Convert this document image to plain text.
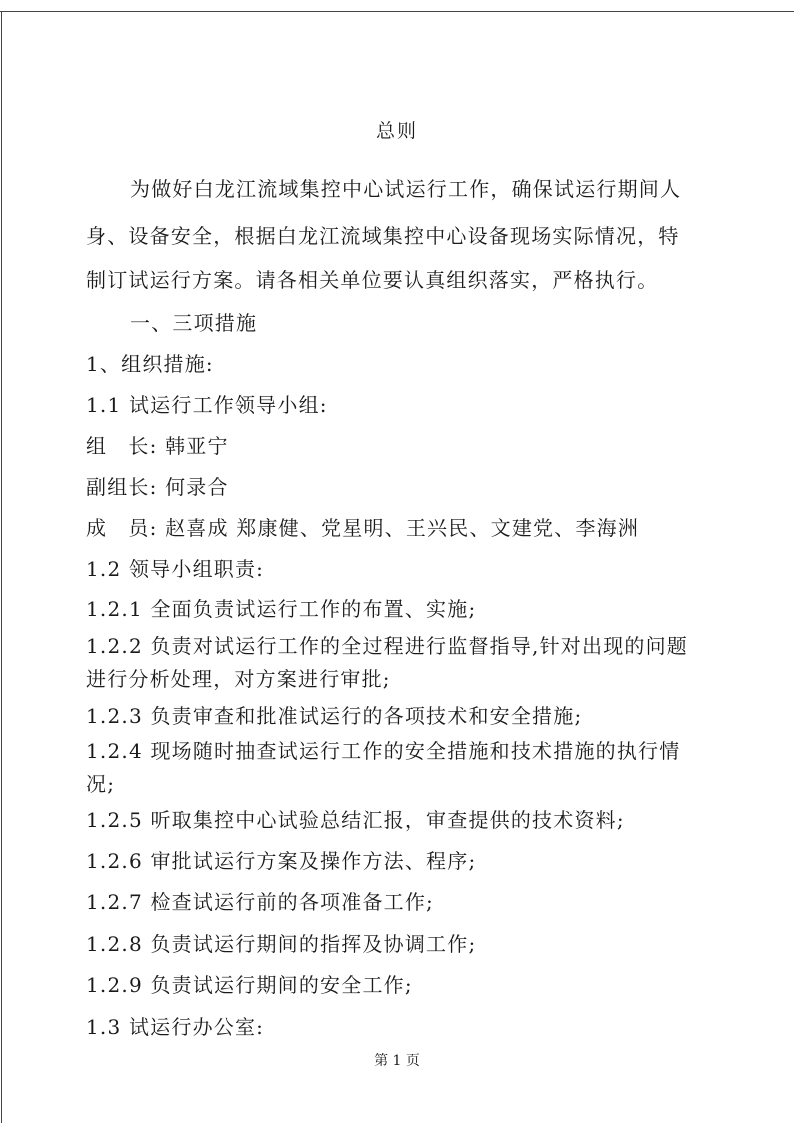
总则
为做好白龙江流域集控中心试运行工作，确保试运行期间人
身、设备安全，根据白龙江流域集控中心设备现场实际情况，特
制订试运行方案。请各相关单位要认真组织落实，严格执行。
一、三项措施
1、组织措施:
1.1 试运行工作领导小组:
组　长: 韩亚宁
副组长: 何录合
成　员: 赵喜成 郑康健、党星明、王兴民、文建党、李海洲
1.2 领导小组职责:
1.2.1 全面负责试运行工作的布置、实施;
1.2.2 负责对试运行工作的全过程进行监督指导,针对出现的问题
进行分析处理，对方案进行审批;
1.2.3 负责审查和批准试运行的各项技术和安全措施;
1.2.4 现场随时抽查试运行工作的安全措施和技术措施的执行情
况;
1.2.5 听取集控中心试验总结汇报，审查提供的技术资料;
1.2.6 审批试运行方案及操作方法、程序;
1.2.7 检查试运行前的各项准备工作;
1.2.8 负责试运行期间的指挥及协调工作;
1.2.9 负责试运行期间的安全工作;
1.3 试运行办公室:
第 1 页
